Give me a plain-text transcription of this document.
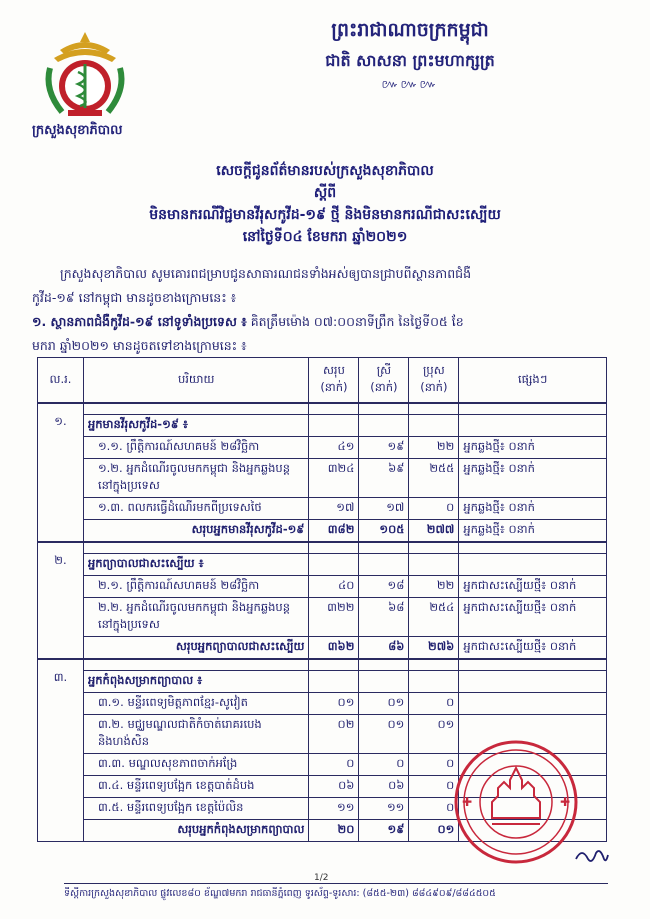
ព្រះរាជាណាចក្រកម្ពុជា
ជាតិ សាសនា ព្រះមហាក្សត្រ
៚៚៚
ក្រសួងសុខាភិបាល
សេចក្តីជូនព័ត៌មានរបស់ក្រសួងសុខាភិបាល
ស្តីពី
មិនមានករណីវិជ្ជមានវីរុសកូវីដ-១៩ ថ្មី និងមិនមានករណីជាសះស្បើយ
នៅថ្ងៃទី០៤ ខែមករា ឆ្នាំ២០២១
ក្រសួងសុខាភិបាល សូមគោរពជម្រាបជូនសាធារណជនទាំងអស់ឲ្យបានជ្រាបពីស្ថានភាពជំងឺ
កូវីដ-១៩ នៅកម្ពុជា មានដូចខាងក្រោមនេះ ៖
១. ស្ថានភាពជំងឺកូវីដ-១៩ នៅទូទាំងប្រទេស ៖ គិតត្រឹមម៉ោង ០៧:០០នាទីព្រឹក នៃថ្ងៃទី០៥ ខែ
មករា ឆ្នាំ២០២១ មានដូចតទៅខាងក្រោមនេះ ៖
ល.រ.	បរិយាយ	សរុប (នាក់)	ស្រី (នាក់)	ប្រុស (នាក់)	ផ្សេងៗ
១.					
	អ្នកមានវីរុសកូវីដ-១៩ ៖				
	១.១. ព្រឹត្តិការណ៍សហគមន៍ ២៨វិច្ឆិកា	៤១	១៩	២២	អ្នកឆ្លងថ្មី៖ ០នាក់
	១.២. អ្នកដំណើរចូលមកកម្ពុជា និងអ្នកឆ្លងបន្តនៅក្នុងប្រទេស	៣២៤	៦៩	២៥៥	អ្នកឆ្លងថ្មី៖ ០នាក់
	១.៣. ពលករធ្វើដំណើរមកពីប្រទេសថៃ	១៧	១៧	០	អ្នកឆ្លងថ្មី៖ ០នាក់
	សរុបអ្នកមានវីរុសកូវីដ-១៩	៣៨២	១០៥	២៧៧	អ្នកឆ្លងថ្មី៖ ០នាក់
២.					
	អ្នកព្យាបាលជាសះស្បើយ ៖				
	២.១. ព្រឹត្តិការណ៍សហគមន៍ ២៨វិច្ឆិកា	៤០	១៨	២២	អ្នកជាសះស្បើយថ្មី៖ ០នាក់
	២.២. អ្នកដំណើរចូលមកកម្ពុជា និងអ្នកឆ្លងបន្តនៅក្នុងប្រទេស	៣២២	៦៨	២៥៤	អ្នកជាសះស្បើយថ្មី៖ ០នាក់
	សរុបអ្នកព្យាបាលជាសះស្បើយ	៣៦២	៨៦	២៧៦	អ្នកជាសះស្បើយថ្មី៖ ០នាក់
៣.					
	អ្នកកំពុងសម្រាកព្យាបាល ៖				
	៣.១. មន្ទីរពេទ្យមិត្តភាពខ្មែរ-សូវៀត	០១	០១	០	
	៣.២. មជ្ឈមណ្ឌលជាតិកំចាត់រោគរបេង និងហង់សិន	០២	០១	០១	
	៣.៣. មណ្ឌលសុខភាពចាក់អង្រែ	០	០	០	
	៣.៤. មន្ទីរពេទ្យបង្អែក ខេត្តបាត់ដំបង	០៦	០៦	០	
	៣.៥. មន្ទីរពេទ្យបង្អែក ខេត្តប៉ៃលិន	១១	១១	០	
	សរុបអ្នកកំពុងសម្រាកព្យាបាល	២០	១៩	០១	
✚	✚
1/2
ទីស្តីការក្រសួងសុខាភិបាល ផ្លូវលេខ៨០ ខ័ណ្ឌ៧មករា រាជធានីភ្នំពេញ ទូរស័ព្ទ-ទូរសារ: (៨៥៥-២៣) ៨៨៤៩០៩/៨៨៤៥០៥
